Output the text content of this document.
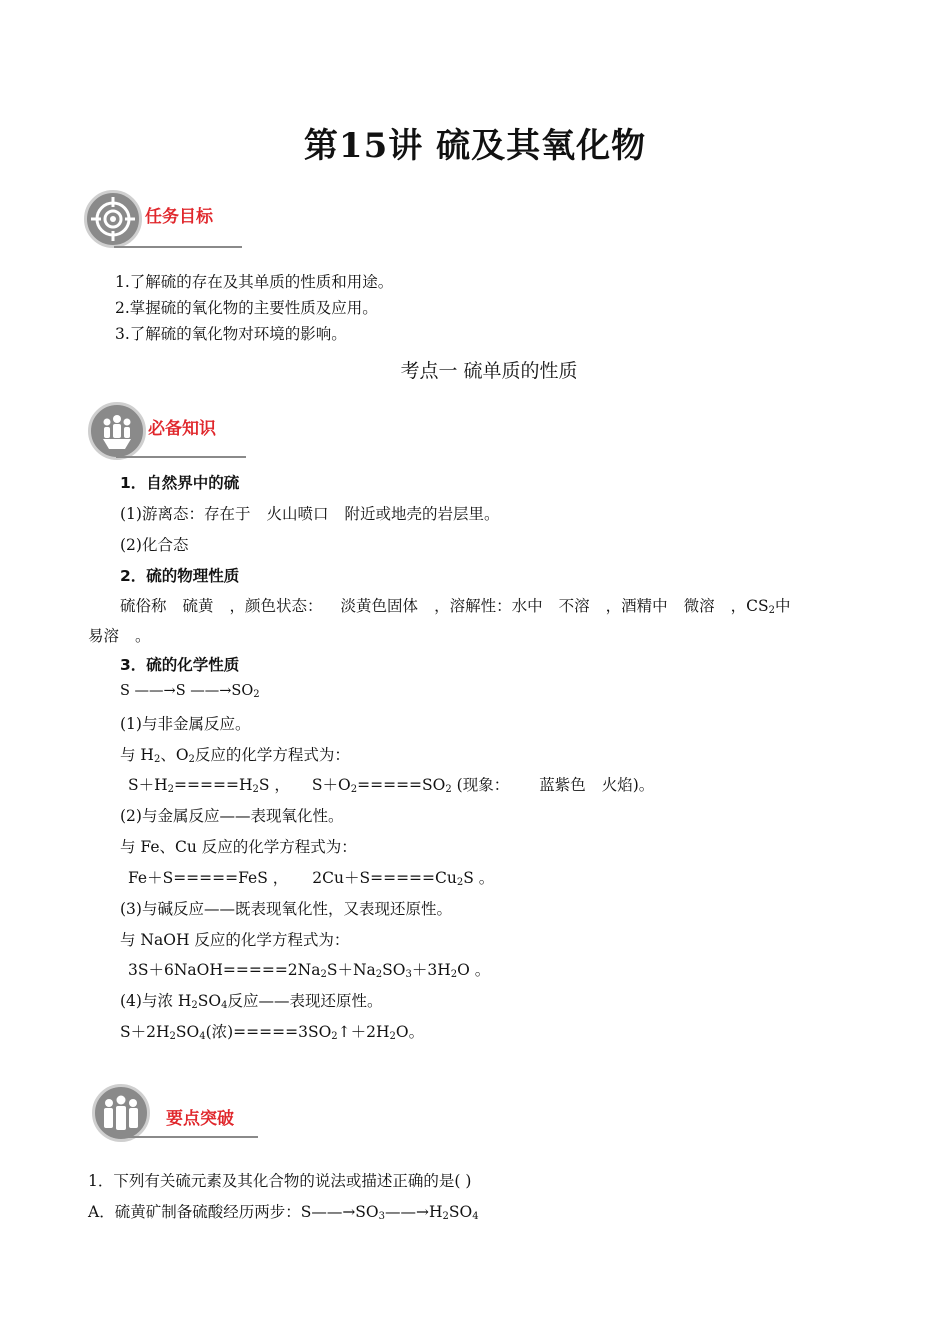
第15讲 硫及其氧化物
任务目标
1.了解硫的存在及其单质的性质和用途。
2.掌握硫的氧化物的主要性质及应用。
3.了解硫的氧化物对环境的影响。
考点一 硫单质的性质
必备知识
1．自然界中的硫
(1)游离态：存在于 火山喷口 附近或地壳的岩层里。
(2)化合态
2．硫的物理性质
硫俗称 硫黄 ，颜色状态： 淡黄色固体 ，溶解性：水中 不溶 ，酒精中 微溶 ，$CS_2$中
易溶 。
3．硫的化学性质
S ——→S $——\to SO_2$
(1)与非金属反应。
与 $H_2$、$O_2$反应的化学方程式为：
$S+H_2=====H_2S$ ， $S+O_2=====SO_2$ (现象： 蓝紫色 火焰)。
(2)与金属反应——表现氧化性。
与 Fe、Cu 反应的化学方程式为：
Fe＋S=====FeS ， $2Cu+S=====Cu_2S$ 。
(3)与碱反应——既表现氧化性，又表现还原性。
与 NaOH 反应的化学方程式为：
$3S+6NaOH=====2Na_2S+Na_2SO_3+3H_2O$ 。
(4)与浓 $H_2SO_4$反应——表现还原性。
$S+2H_2SO_4$(浓)$=====3SO_2↑+2H_2O$。
要点突破
1．下列有关硫元素及其化合物的说法或描述正确的是( )
A．硫黄矿制备硫酸经历两步：$S——\to SO_3——\to H_2SO_4$
